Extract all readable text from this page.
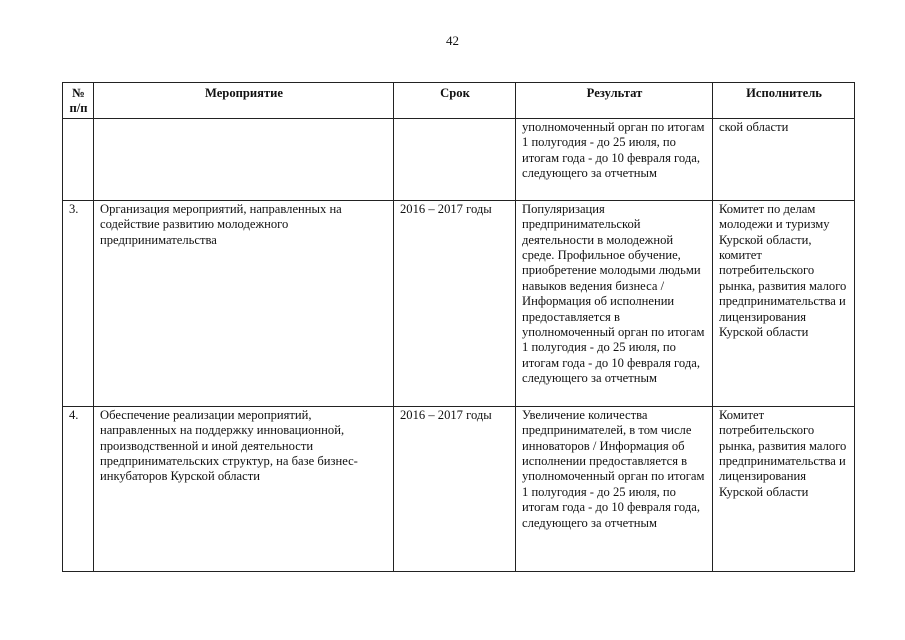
42
№ п/п	Мероприятие	Срок	Результат	Исполнитель
			уполномоченный орган по итогам 1 полугодия - до 25 июля, по итогам года - до 10 февраля года, следующего за отчетным	ской области
3.	Организация мероприятий, направленных на содействие развитию молодежного предпринимательства	2016 – 2017 годы	Популяризация предпринимательской деятельности в молодежной среде. Профильное обучение, приобретение молодыми людьми навыков ведения бизнеса / Информация об исполнении предоставляется в уполномоченный орган по итогам 1 полугодия - до 25 июля, по итогам года - до 10 февраля года, следующего за отчетным	Комитет по делам молодежи и туризму Курской области, комитет потребительского рынка, развития малого предпринимательства и лицензирования Курской области
4.	Обеспечение реализации мероприятий, направленных на поддержку инновационной, производственной и иной деятельности предпринимательских структур, на базе бизнес-инкубаторов Курской области	2016 – 2017 годы	Увеличение количества предпринимателей, в том числе инноваторов / Информация об исполнении предоставляется в уполномоченный орган по итогам 1 полугодия - до 25 июля, по итогам года - до 10 февраля года, следующего за отчетным	Комитет потребительского рынка, развития малого предпринимательства и лицензирования Курской области
